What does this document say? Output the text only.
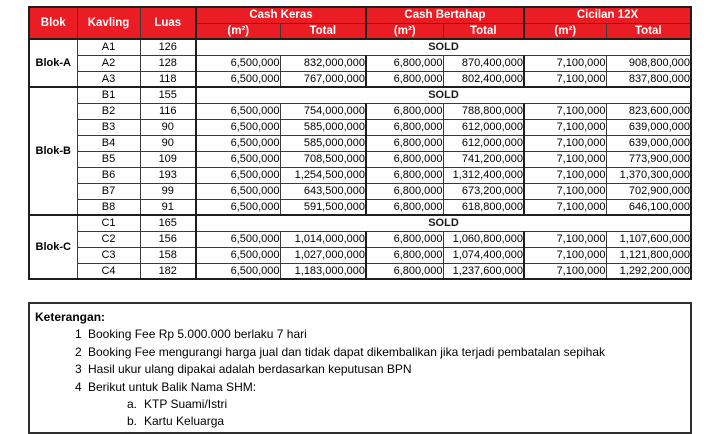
Blok	Kavling	Luas	Cash Keras		Cash Bertahap		Cicilan 12X	
			(m²)	Total	(m²)	Total	(m²)	Total
Blok-A	A1	126	SOLD					
	A2	128	6,500,000	832,000,000	6,800,000	870,400,000	7,100,000	908,800,000
	A3	118	6,500,000	767,000,000	6,800,000	802,400,000	7,100,000	837,800,000
Blok-B	B1	155	SOLD					
	B2	116	6,500,000	754,000,000	6,800,000	788,800,000	7,100,000	823,600,000
	B3	90	6,500,000	585,000,000	6,800,000	612,000,000	7,100,000	639,000,000
	B4	90	6,500,000	585,000,000	6,800,000	612,000,000	7,100,000	639,000,000
	B5	109	6,500,000	708,500,000	6,800,000	741,200,000	7,100,000	773,900,000
	B6	193	6,500,000	1,254,500,000	6,800,000	1,312,400,000	7,100,000	1,370,300,000
	B7	99	6,500,000	643,500,000	6,800,000	673,200,000	7,100,000	702,900,000
	B8	91	6,500,000	591,500,000	6,800,000	618,800,000	7,100,000	646,100,000
Blok-C	C1	165	SOLD					
	C2	156	6,500,000	1,014,000,000	6,800,000	1,060,800,000	7,100,000	1,107,600,000
	C3	158	6,500,000	1,027,000,000	6,800,000	1,074,400,000	7,100,000	1,121,800,000
	C4	182	6,500,000	1,183,000,000	6,800,000	1,237,600,000	7,100,000	1,292,200,000
Keterangan:
1 Booking Fee Rp 5.000.000 berlaku 7 hari
2 Booking Fee mengurangi harga jual dan tidak dapat dikembalikan jika terjadi pembatalan sepihak
3 Hasil ukur ulang dipakai adalah berdasarkan keputusan BPN
4 Berikut untuk Balik Nama SHM:
a. KTP Suami/Istri
b. Kartu Keluarga
